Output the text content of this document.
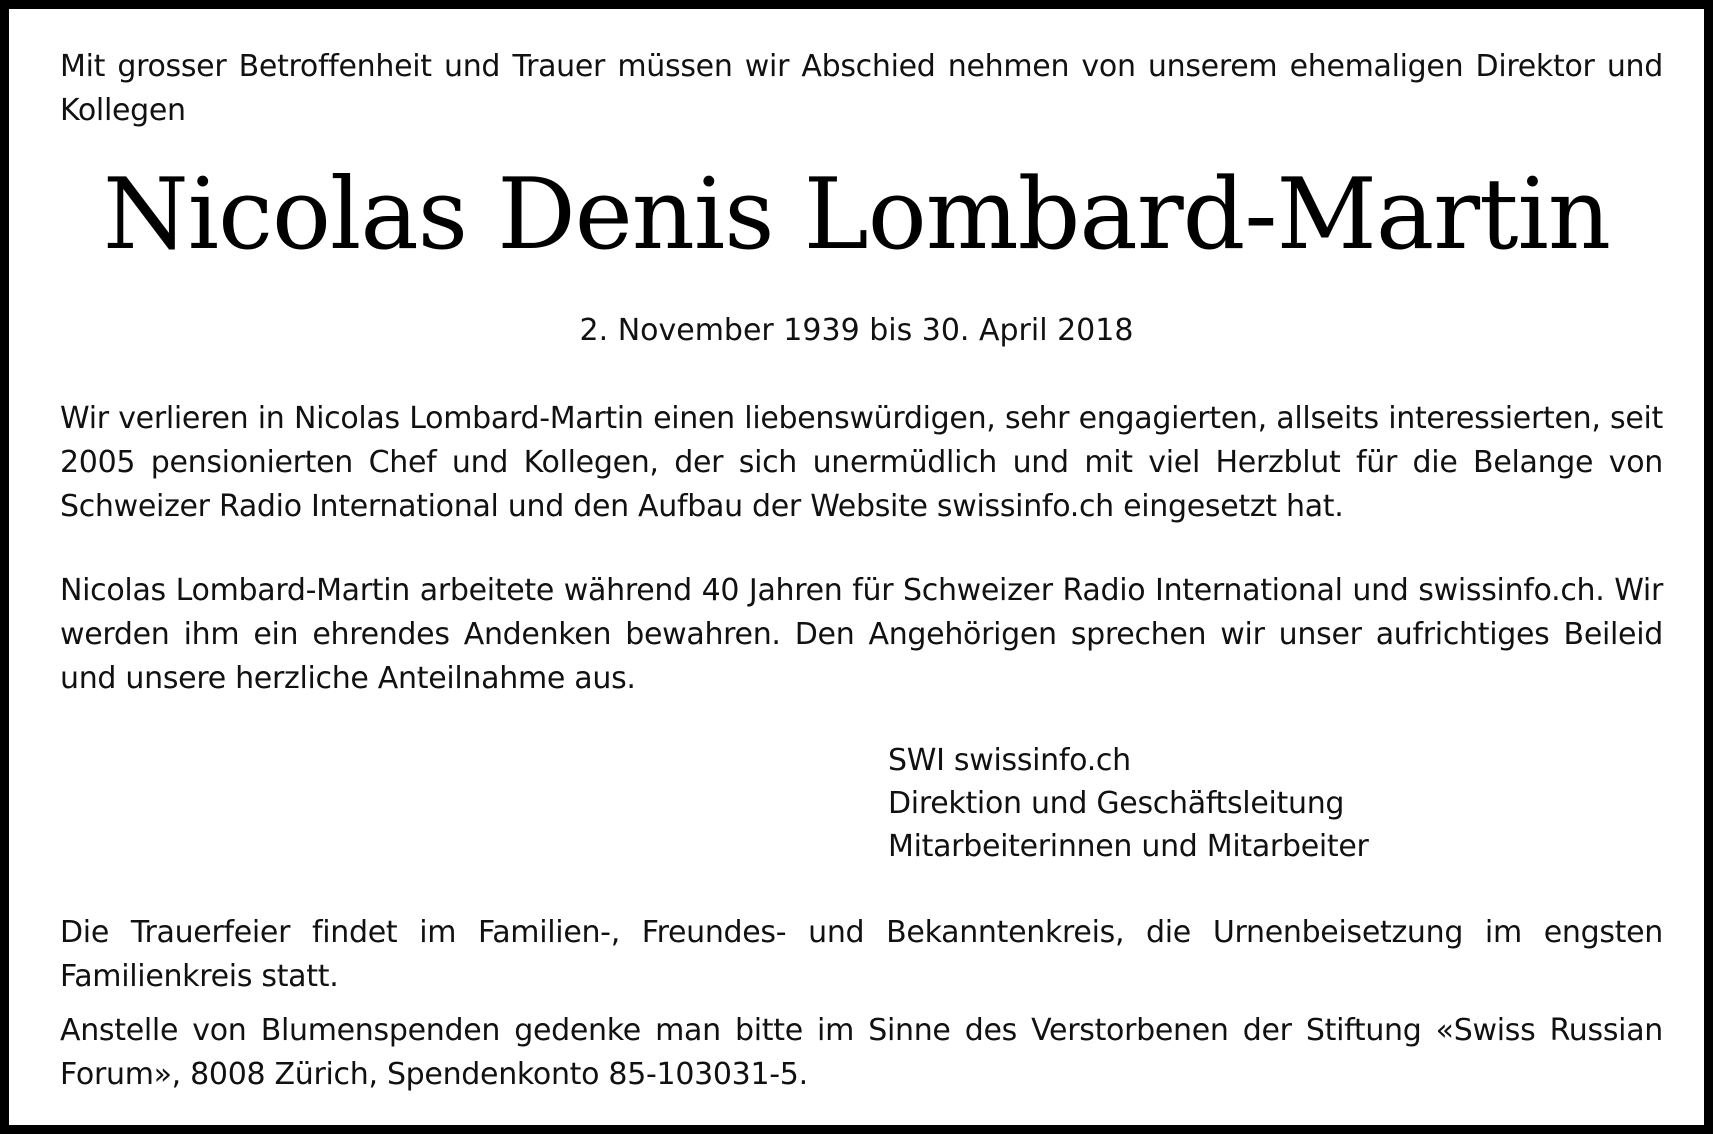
Mit grosser Betroffenheit und Trauer müssen wir Abschied nehmen von unserem ehemaligen Direktor und Kollegen

Nicolas Denis Lombard-Martin

2. November 1939 bis 30. April 2018

Wir verlieren in Nicolas Lombard-Martin einen liebenswürdigen, sehr engagierten, allseits interessierten, seit 2005 pensionierten Chef und Kollegen, der sich unermüdlich und mit viel Herzblut für die Belange von Schweizer Radio International und den Aufbau der Website swissinfo.ch eingesetzt hat.

Nicolas Lombard-Martin arbeitete während 40 Jahren für Schweizer Radio International und swissinfo.ch. Wir werden ihm ein ehrendes Andenken bewahren. Den Angehörigen sprechen wir unser aufrichtiges Beileid und unsere herzliche Anteilnahme aus.

SWI swissinfo.ch
Direktion und Geschäftsleitung
Mitarbeiterinnen und Mitarbeiter

Die Trauerfeier findet im Familien-, Freundes- und Bekanntenkreis, die Urnenbeisetzung im engsten Familienkreis statt.

Anstelle von Blumenspenden gedenke man bitte im Sinne des Verstorbenen der Stiftung «Swiss Russian Forum», 8008 Zürich, Spendenkonto 85-103031-5.
